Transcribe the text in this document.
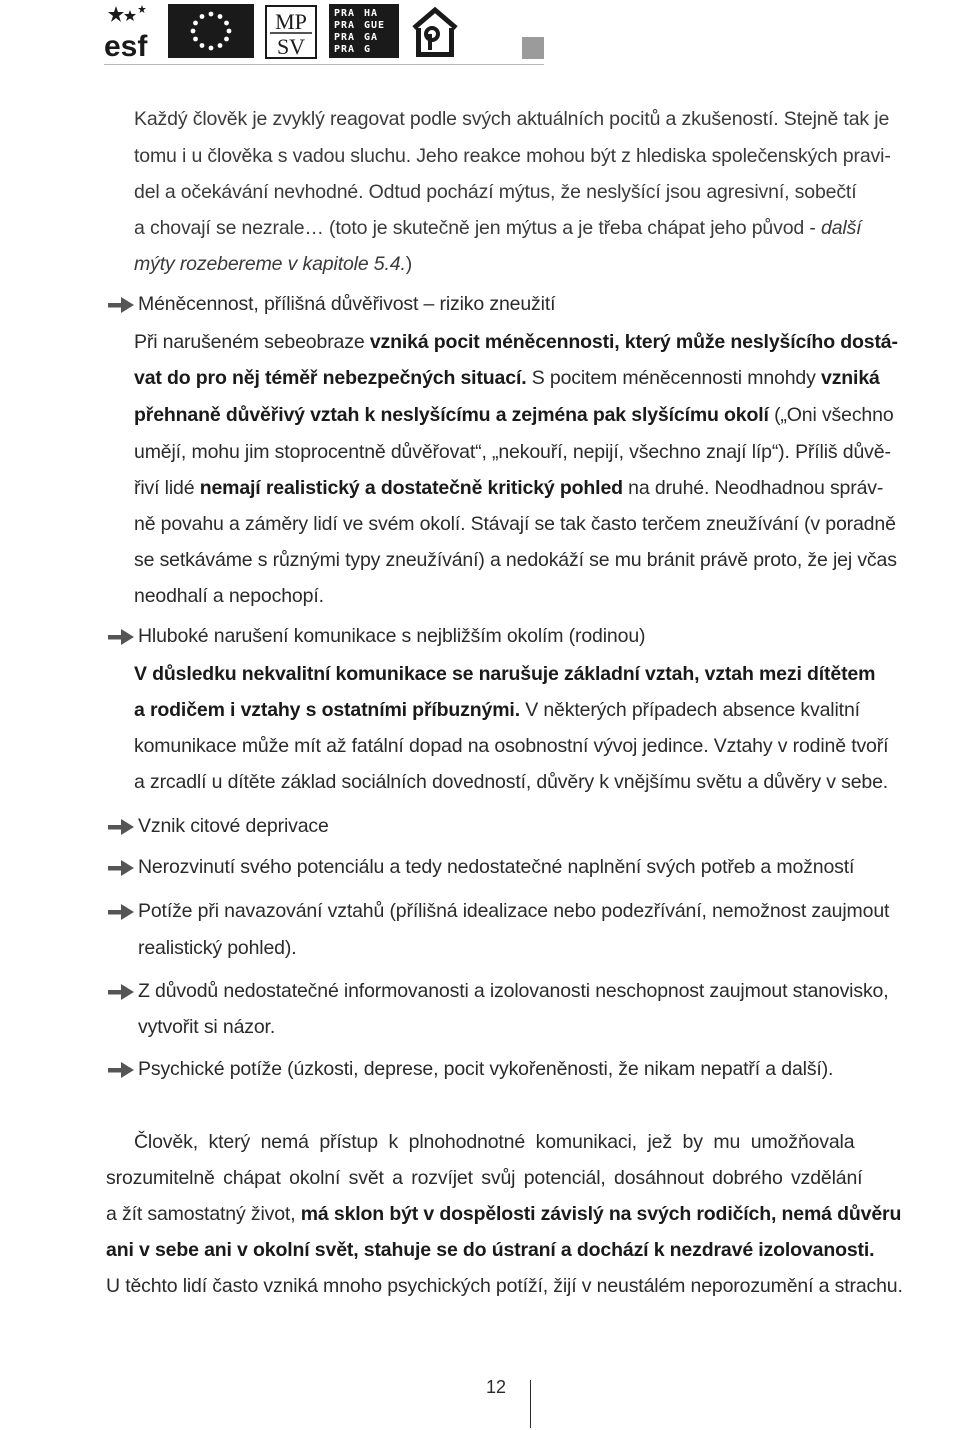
esf
MP
SV
PRA HA
PRA GUE
PRA GA
PRA G
Každý člověk je zvyklý reagovat podle svých aktuálních pocitů a zkušeností. Stejně tak je
tomu i u člověka s vadou sluchu. Jeho reakce mohou být z hlediska společenských pravi-
del a očekávání nevhodné. Odtud pochází mýtus, že neslyšící jsou agresivní, sobečtí
a chovají se nezrale… (toto je skutečně jen mýtus a je třeba chápat jeho původ - další
mýty rozebereme v kapitole 5.4.)
Méněcennost, přílišná důvěřivost – riziko zneužití
Při narušeném sebeobraze vzniká pocit méněcennosti, který může neslyšícího dostá-
vat do pro něj téměř nebezpečných situací. S pocitem méněcennosti mnohdy vzniká
přehnaně důvěřivý vztah k neslyšícímu a zejména pak slyšícímu okolí („Oni všechno
umějí, mohu jim stoprocentně důvěřovat“, „nekouří, nepijí, všechno znají líp“). Příliš důvě-
řiví lidé nemají realistický a dostatečně kritický pohled na druhé. Neodhadnou správ-
ně povahu a záměry lidí ve svém okolí. Stávají se tak často terčem zneužívání (v poradně
se setkáváme s různými typy zneužívání) a nedokáží se mu bránit právě proto, že jej včas
neodhalí a nepochopí.
Hluboké narušení komunikace s nejbližším okolím (rodinou)
V důsledku nekvalitní komunikace se narušuje základní vztah, vztah mezi dítětem
a rodičem i vztahy s ostatními příbuznými. V některých případech absence kvalitní
komunikace může mít až fatální dopad na osobnostní vývoj jedince. Vztahy v rodině tvoří
a zrcadlí u dítěte základ sociálních dovedností, důvěry k vnějšímu světu a důvěry v sebe.
Vznik citové deprivace
Nerozvinutí svého potenciálu a tedy nedostatečné naplnění svých potřeb a možností
Potíže při navazování vztahů (přílišná idealizace nebo podezřívání, nemožnost zaujmout
realistický pohled).
Z důvodů nedostatečné informovanosti a izolovanosti neschopnost zaujmout stanovisko,
vytvořit si názor.
Psychické potíže (úzkosti, deprese, pocit vykořeněnosti, že nikam nepatří a další).
Člověk, který nemá přístup k plnohodnotné komunikaci, jež by mu umožňovala
srozumitelně chápat okolní svět a rozvíjet svůj potenciál, dosáhnout dobrého vzdělání
a žít samostatný život, má sklon být v dospělosti závislý na svých rodičích, nemá důvěru
ani v sebe ani v okolní svět, stahuje se do ústraní a dochází k nezdravé izolovanosti.
U těchto lidí často vzniká mnoho psychických potíží, žijí v neustálém neporozumění a strachu.
12
